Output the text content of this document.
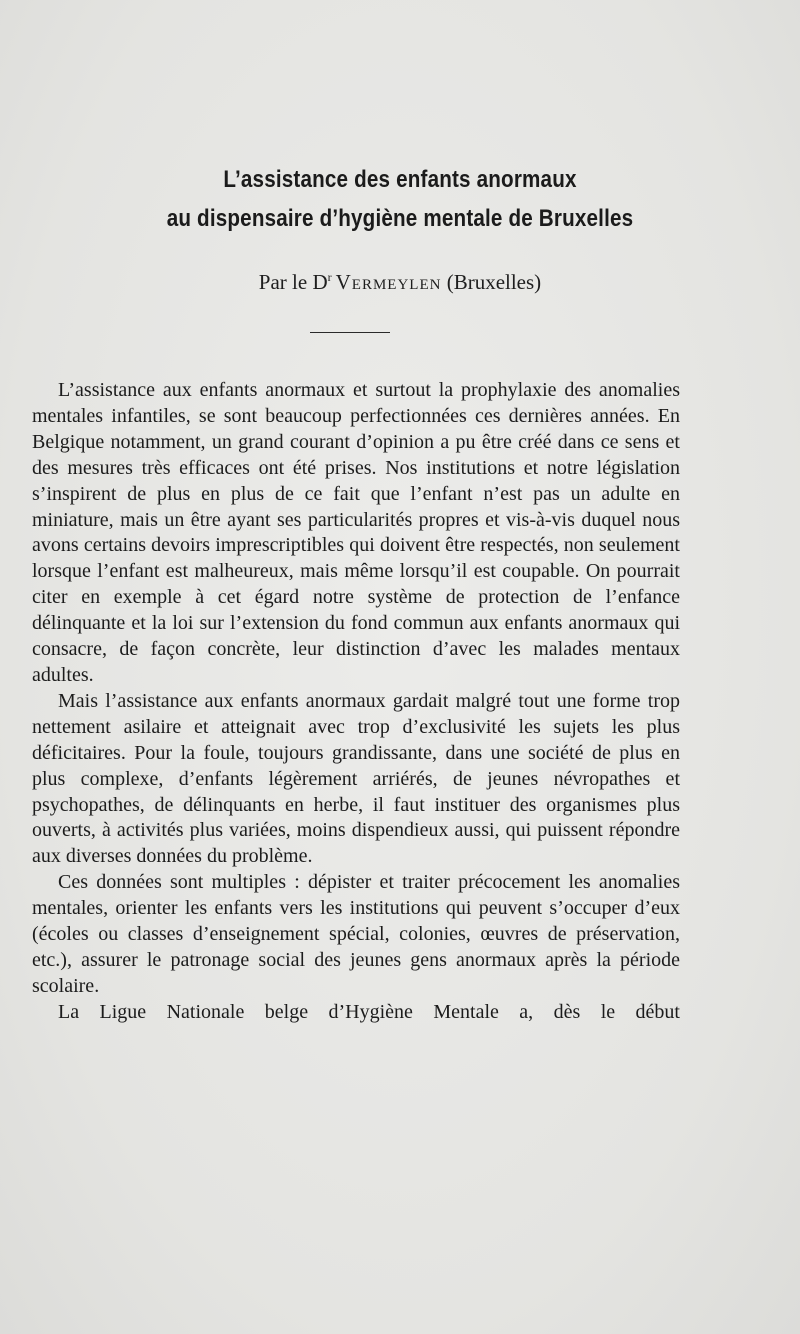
L’assistance des enfants anormaux
au dispensaire d’hygiène mentale de Bruxelles
Par le $D^r$ Vermeylen (Bruxelles)

L’assistance aux enfants anormaux et surtout la prophylaxie des anomalies mentales infantiles, se sont beaucoup perfectionnées ces dernières années. En Belgique notamment, un grand courant d’opinion a pu être créé dans ce sens et des mesures très efficaces ont été prises. Nos institutions et notre législation s’inspirent de plus en plus de ce fait que l’enfant n’est pas un adulte en miniature, mais un être ayant ses particularités propres et vis-à-vis duquel nous avons certains devoirs imprescriptibles qui doivent être respectés, non seulement lorsque l’enfant est malheureux, mais même lorsqu’il est coupable. On pourrait citer en exemple à cet égard notre système de protection de l’enfance délinquante et la loi sur l’extension du fond commun aux enfants anormaux qui consacre, de façon concrète, leur distinction d’avec les malades mentaux adultes.

Mais l’assistance aux enfants anormaux gardait malgré tout une forme trop nettement asilaire et atteignait avec trop d’exclusivité les sujets les plus déficitaires. Pour la foule, toujours grandissante, dans une société de plus en plus complexe, d’enfants légèrement arriérés, de jeunes névropathes et psychopathes, de délinquants en herbe, il faut instituer des organismes plus ouverts, à activités plus variées, moins dispendieux aussi, qui puissent répondre aux diverses données du problème.

Ces données sont multiples : dépister et traiter précocement les anomalies mentales, orienter les enfants vers les institutions qui peuvent s’occuper d’eux (écoles ou classes d’enseignement spécial, colonies, œuvres de préservation, etc.), assurer le patronage social des jeunes gens anormaux après la période scolaire.

La Ligue Nationale belge d’Hygiène Mentale a, dès le début
